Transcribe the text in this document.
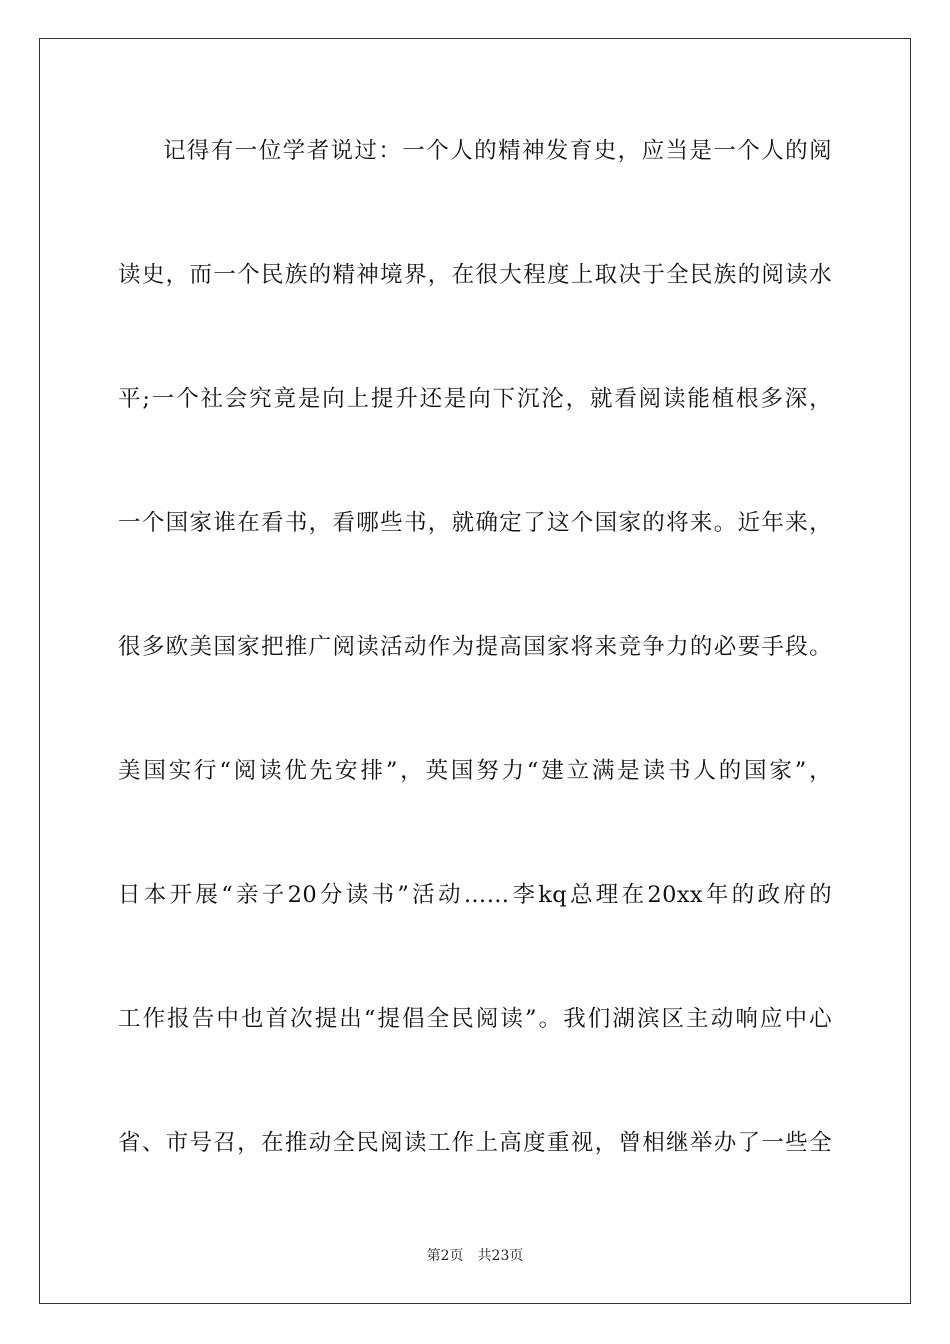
记得有一位学者说过：一个人的精神发育史，应当是一个人的阅
读史，而一个民族的精神境界，在很大程度上取决于全民族的阅读水
平;一个社会究竟是向上提升还是向下沉沦，就看阅读能植根多深，
一个国家谁在看书，看哪些书，就确定了这个国家的将来。近年来，
很多欧美国家把推广阅读活动作为提高国家将来竞争力的必要手段。
美国实行“阅读优先安排”，英国努力“建立满是读书人的国家”，
日本开展“亲子20分读书”活动……李kq总理在20xx年的政府的
工作报告中也首次提出“提倡全民阅读”。我们湖滨区主动响应中心
省、市号召，在推动全民阅读工作上高度重视，曾相继举办了一些全
第2页 共23页
